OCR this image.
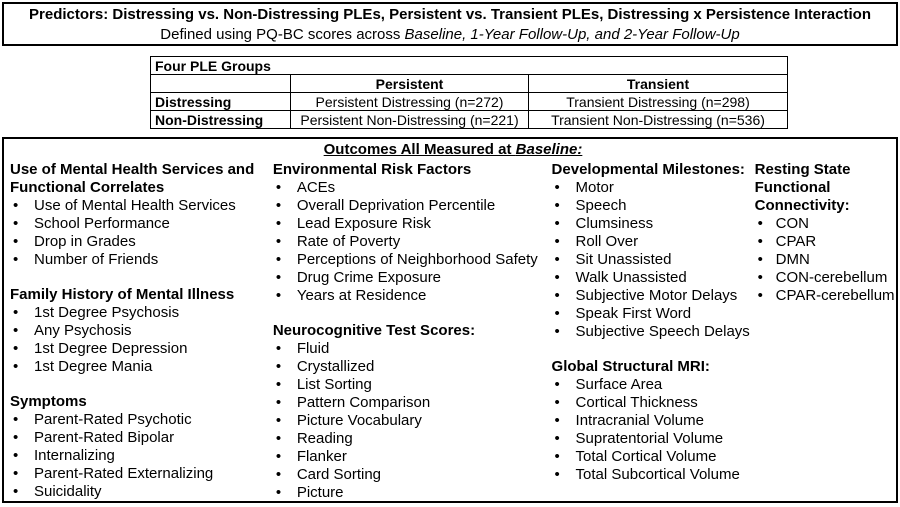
Predictors: Distressing vs. Non-Distressing PLEs, Persistent vs. Transient PLEs, Distressing x Persistence Interaction
Defined using PQ-BC scores across Baseline, 1-Year Follow-Up, and 2-Year Follow-Up
Four PLE Groups		
	Persistent	Transient
Distressing	Persistent Distressing (n=272)	Transient Distressing (n=298)
Non-Distressing	Persistent Non-Distressing (n=221)	Transient Non-Distressing (n=536)
Outcomes All Measured at Baseline:
Use of Mental Health Services and Functional Correlates
•	Use of Mental Health Services
•	School Performance
•	Drop in Grades
•	Number of Friends
Family History of Mental Illness
•	1st Degree Psychosis
•	Any Psychosis
•	1st Degree Depression
•	1st Degree Mania
Symptoms
•	Parent-Rated Psychotic
•	Parent-Rated Bipolar
•	Internalizing
•	Parent-Rated Externalizing
•	Suicidality
Environmental Risk Factors
•	ACEs
•	Overall Deprivation Percentile
•	Lead Exposure Risk
•	Rate of Poverty
•	Perceptions of Neighborhood Safety
•	Drug Crime Exposure
•	Years at Residence
Neurocognitive Test Scores:
•	Fluid
•	Crystallized
•	List Sorting
•	Pattern Comparison
•	Picture Vocabulary
•	Reading
•	Flanker
•	Card Sorting
•	Picture
Developmental Milestones:
•	Motor
•	Speech
•	Clumsiness
•	Roll Over
•	Sit Unassisted
•	Walk Unassisted
•	Subjective Motor Delays
•	Speak First Word
•	Subjective Speech Delays
Global Structural MRI:
•	Surface Area
•	Cortical Thickness
•	Intracranial Volume
•	Supratentorial Volume
•	Total Cortical Volume
•	Total Subcortical Volume
Resting State Functional Connectivity:
• CON
• CPAR
• DMN
• CON-cerebellum
• CPAR-cerebellum
